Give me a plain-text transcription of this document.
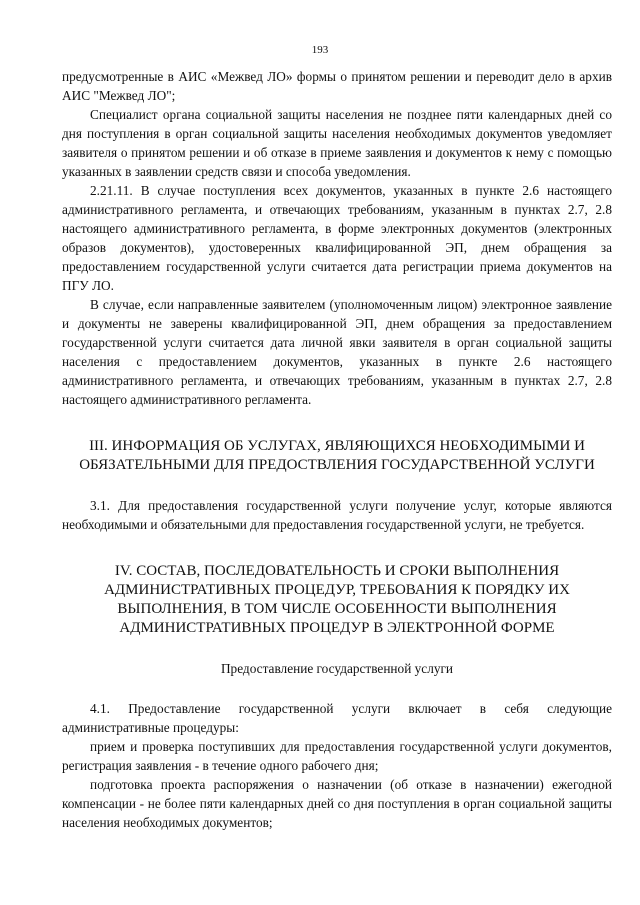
193

предусмотренные в АИС «Межвед ЛО» формы о принятом решении и переводит дело в архив АИС "Межвед ЛО";

Специалист органа социальной защиты населения не позднее пяти календарных дней со дня поступления в орган социальной защиты населения необходимых документов уведомляет заявителя о принятом решении и об отказе в приеме заявления и документов к нему с помощью указанных в заявлении средств связи и способа уведомления.

2.21.11. В случае поступления всех документов, указанных в пункте 2.6 настоящего административного регламента, и отвечающих требованиям, указанным в пунктах 2.7, 2.8 настоящего административного регламента, в форме электронных документов (электронных образов документов), удостоверенных квалифицированной ЭП, днем обращения за предоставлением государственной услуги считается дата регистрации приема документов на ПГУ ЛО.

В случае, если направленные заявителем (уполномоченным лицом) электронное заявление и документы не заверены квалифицированной ЭП, днем обращения за предоставлением государственной услуги считается дата личной явки заявителя в орган социальной защиты населения с предоставлением документов, указанных в пункте 2.6 настоящего административного регламента, и отвечающих требованиям, указанным в пунктах 2.7, 2.8 настоящего административного регламента.

III. ИНФОРМАЦИЯ ОБ УСЛУГАХ, ЯВЛЯЮЩИХСЯ НЕОБХОДИМЫМИ И
ОБЯЗАТЕЛЬНЫМИ ДЛЯ ПРЕДОСТВЛЕНИЯ ГОСУДАРСТВЕННОЙ УСЛУГИ

3.1. Для предоставления государственной услуги получение услуг, которые являются необходимыми и обязательными для предоставления государственной услуги, не требуется.

IV. СОСТАВ, ПОСЛЕДОВАТЕЛЬНОСТЬ И СРОКИ ВЫПОЛНЕНИЯ
АДМИНИСТРАТИВНЫХ ПРОЦЕДУР, ТРЕБОВАНИЯ К ПОРЯДКУ ИХ
ВЫПОЛНЕНИЯ, В ТОМ ЧИСЛЕ ОСОБЕННОСТИ ВЫПОЛНЕНИЯ
АДМИНИСТРАТИВНЫХ ПРОЦЕДУР В ЭЛЕКТРОННОЙ ФОРМЕ
Предоставление государственной услуги

4.1. Предоставление государственной услуги включает в себя следующие административные процедуры:

прием и проверка поступивших для предоставления государственной услуги документов, регистрация заявления - в течение одного рабочего дня;

подготовка проекта распоряжения о назначении (об отказе в назначении) ежегодной компенсации - не более пяти календарных дней со дня поступления в орган социальной защиты населения необходимых документов;
